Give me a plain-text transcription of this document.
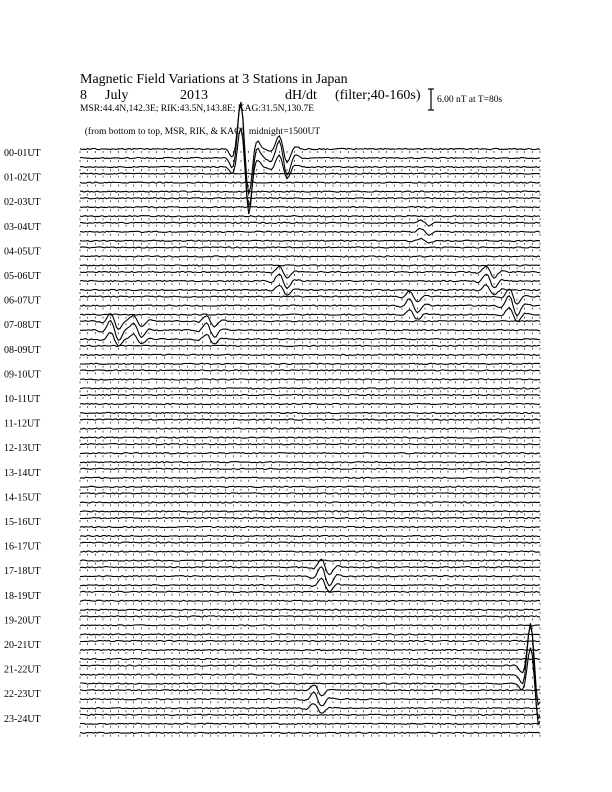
Magnetic Field Variations at 3 Stations in Japan
8 July	2013	dH/dt (filter;40-160s)
MSR:44.4N,142.3E; RIK:43.5N,143.8E; KAG:31.5N,130.7E

(from bottom to top, MSR, RIK, & KAG) midnight=1500UT

6.00 nT at T=80s
00-01UT
01-02UT
02-03UT
03-04UT
04-05UT
05-06UT
06-07UT
07-08UT
08-09UT
09-10UT
10-11UT
11-12UT
12-13UT
13-14UT
14-15UT
15-16UT
16-17UT
17-18UT
18-19UT
19-20UT
20-21UT
21-22UT
22-23UT
23-24UT
